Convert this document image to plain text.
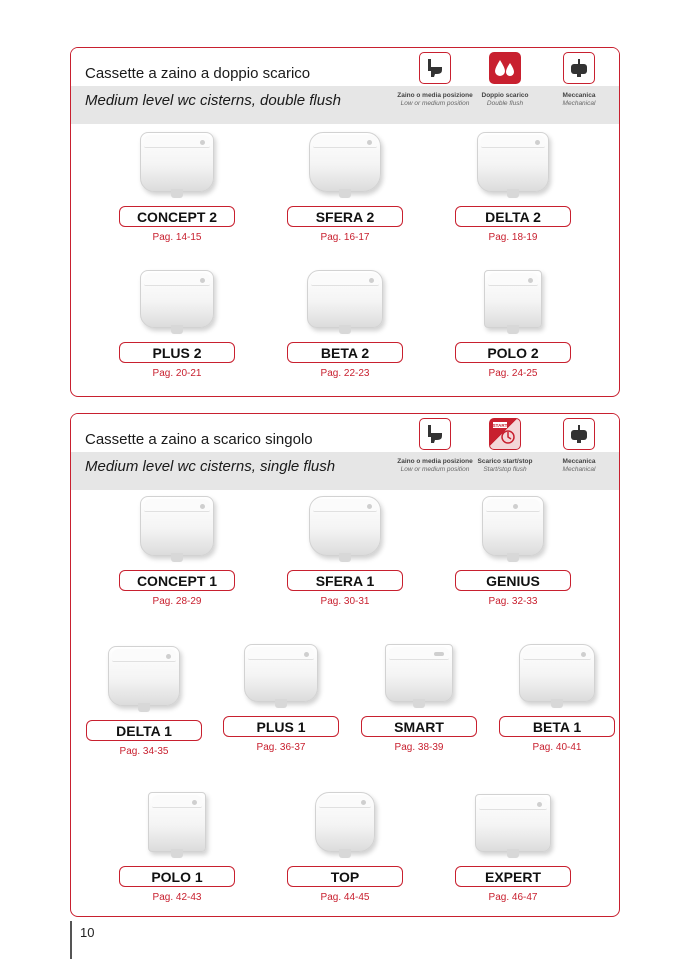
Cassette a zaino a doppio scarico
Medium level wc cisterns, double flush	Zaino o media posizione
Low or medium position
Doppio scarico
Double flush
Meccanica
Mechanical
CONCEPT 2
Pag. 14-15
SFERA 2
Pag. 16-17
DELTA 2
Pag. 18-19
PLUS 2
Pag. 20-21
BETA 2
Pag. 22-23
POLO 2
Pag. 24-25
Cassette a zaino a scarico singolo
Medium level wc cisterns, single flush	Zaino o media posizione
Low or medium position
START
Scarico start/stop
Start/stop flush
Meccanica
Mechanical
CONCEPT 1
Pag. 28-29
SFERA 1
Pag. 30-31
GENIUS
Pag. 32-33
DELTA 1
Pag. 34-35
PLUS 1
Pag. 36-37
SMART
Pag. 38-39
BETA 1
Pag. 40-41
POLO 1
Pag. 42-43
TOP
Pag. 44-45
EXPERT
Pag. 46-47
10
